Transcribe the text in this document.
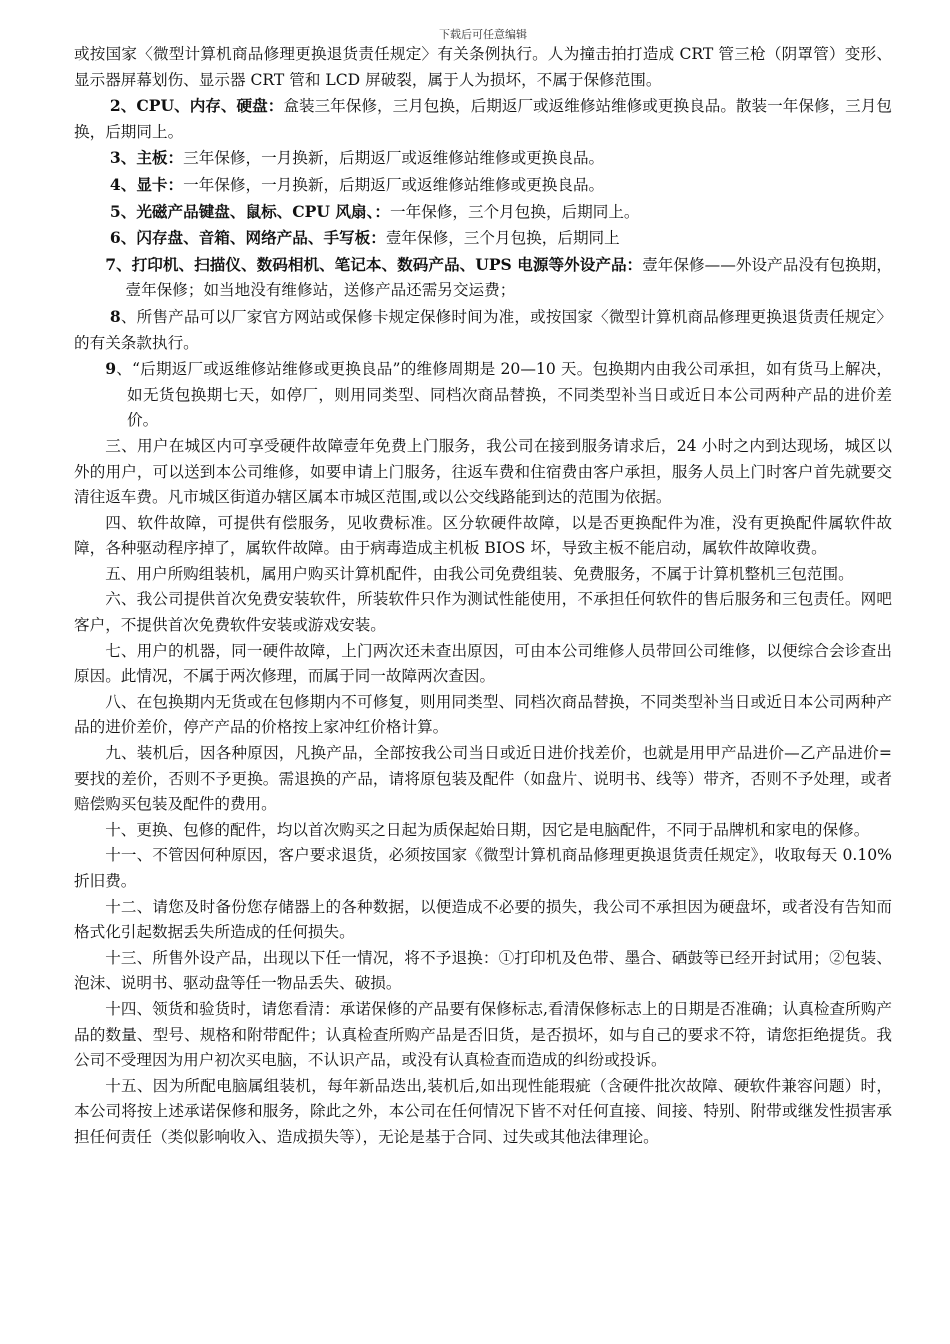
下载后可任意编辑

或按国家〈微型计算机商品修理更换退货责任规定〉有关条例执行。人为撞击拍打造成 CRT 管三枪（阴罩管）变形、显示器屏幕划伤、显示器 CRT 管和 LCD 屏破裂，属于人为损坏，不属于保修范围。

2、CPU、内存、硬盘：盒装三年保修，三月包换，后期返厂或返维修站维修或更换良品。散装一年保修，三月包换，后期同上。

3、主板：三年保修，一月换新，后期返厂或返维修站维修或更换良品。

4、显卡：一年保修，一月换新，后期返厂或返维修站维修或更换良品。

5、光磁产品键盘、鼠标、CPU 风扇、：一年保修，三个月包换，后期同上。

6、闪存盘、音箱、网络产品、手写板：壹年保修，三个月包换，后期同上

7、打印机、扫描仪、数码相机、笔记本、数码产品、UPS 电源等外设产品：壹年保修——外设产品没有包换期，壹年保修；如当地没有维修站，送修产品还需另交运费；

8、所售产品可以厂家官方网站或保修卡规定保修时间为准，或按国家〈微型计算机商品修理更换退货责任规定〉的有关条款执行。

9、“后期返厂或返维修站维修或更换良品”的维修周期是 20—10 天。包换期内由我公司承担，如有货马上解决，如无货包换期七天，如停厂，则用同类型、同档次商品替换，不同类型补当日或近日本公司两种产品的进价差价。

三、用户在城区内可享受硬件故障壹年免费上门服务，我公司在接到服务请求后，24 小时之内到达现场，城区以外的用户，可以送到本公司维修，如要申请上门服务，往返车费和住宿费由客户承担，服务人员上门时客户首先就要交清往返车费。凡市城区街道办辖区属本市城区范围,或以公交线路能到达的范围为依据。

四、软件故障，可提供有偿服务，见收费标准。区分软硬件故障，以是否更换配件为准，没有更换配件属软件故障，各种驱动程序掉了，属软件故障。由于病毒造成主机板 BIOS 坏，导致主板不能启动，属软件故障收费。

五、用户所购组装机，属用户购买计算机配件，由我公司免费组装、免费服务，不属于计算机整机三包范围。

六、我公司提供首次免费安装软件，所装软件只作为测试性能使用，不承担任何软件的售后服务和三包责任。网吧客户，不提供首次免费软件安装或游戏安装。

七、用户的机器，同一硬件故障，上门两次还未查出原因，可由本公司维修人员带回公司维修，以便综合会诊查出原因。此情况，不属于两次修理，而属于同一故障两次查因。

八、在包换期内无货或在包修期内不可修复，则用同类型、同档次商品替换，不同类型补当日或近日本公司两种产品的进价差价，停产产品的价格按上家冲红价格计算。

九、装机后，因各种原因，凡换产品，全部按我公司当日或近日进价找差价，也就是用甲产品进价—乙产品进价=要找的差价，否则不予更换。需退换的产品，请将原包装及配件（如盘片、说明书、线等）带齐，否则不予处理，或者赔偿购买包装及配件的费用。

十、更换、包修的配件，均以首次购买之日起为质保起始日期，因它是电脑配件，不同于品牌机和家电的保修。

十一、不管因何种原因，客户要求退货，必须按国家《微型计算机商品修理更换退货责任规定》，收取每天 0.10%折旧费。

十二、请您及时备份您存储器上的各种数据，以便造成不必要的损失，我公司不承担因为硬盘坏，或者没有告知而格式化引起数据丢失所造成的任何损失。

十三、所售外设产品，出现以下任一情况，将不予退换：①打印机及色带、墨合、硒鼓等已经开封试用；②包装、泡沫、说明书、驱动盘等任一物品丢失、破损。

十四、领货和验货时，请您看清：承诺保修的产品要有保修标志,看清保修标志上的日期是否准确；认真检查所购产品的数量、型号、规格和附带配件；认真检查所购产品是否旧货，是否损坏，如与自己的要求不符，请您拒绝提货。我公司不受理因为用户初次买电脑，不认识产品，或没有认真检查而造成的纠纷或投诉。

十五、因为所配电脑属组装机，每年新品迭出,装机后,如出现性能瑕疵（含硬件批次故障、硬软件兼容问题）时，本公司将按上述承诺保修和服务，除此之外，本公司在任何情况下皆不对任何直接、间接、特别、附带或继发性损害承担任何责任（类似影响收入、造成损失等），无论是基于合同、过失或其他法律理论。
